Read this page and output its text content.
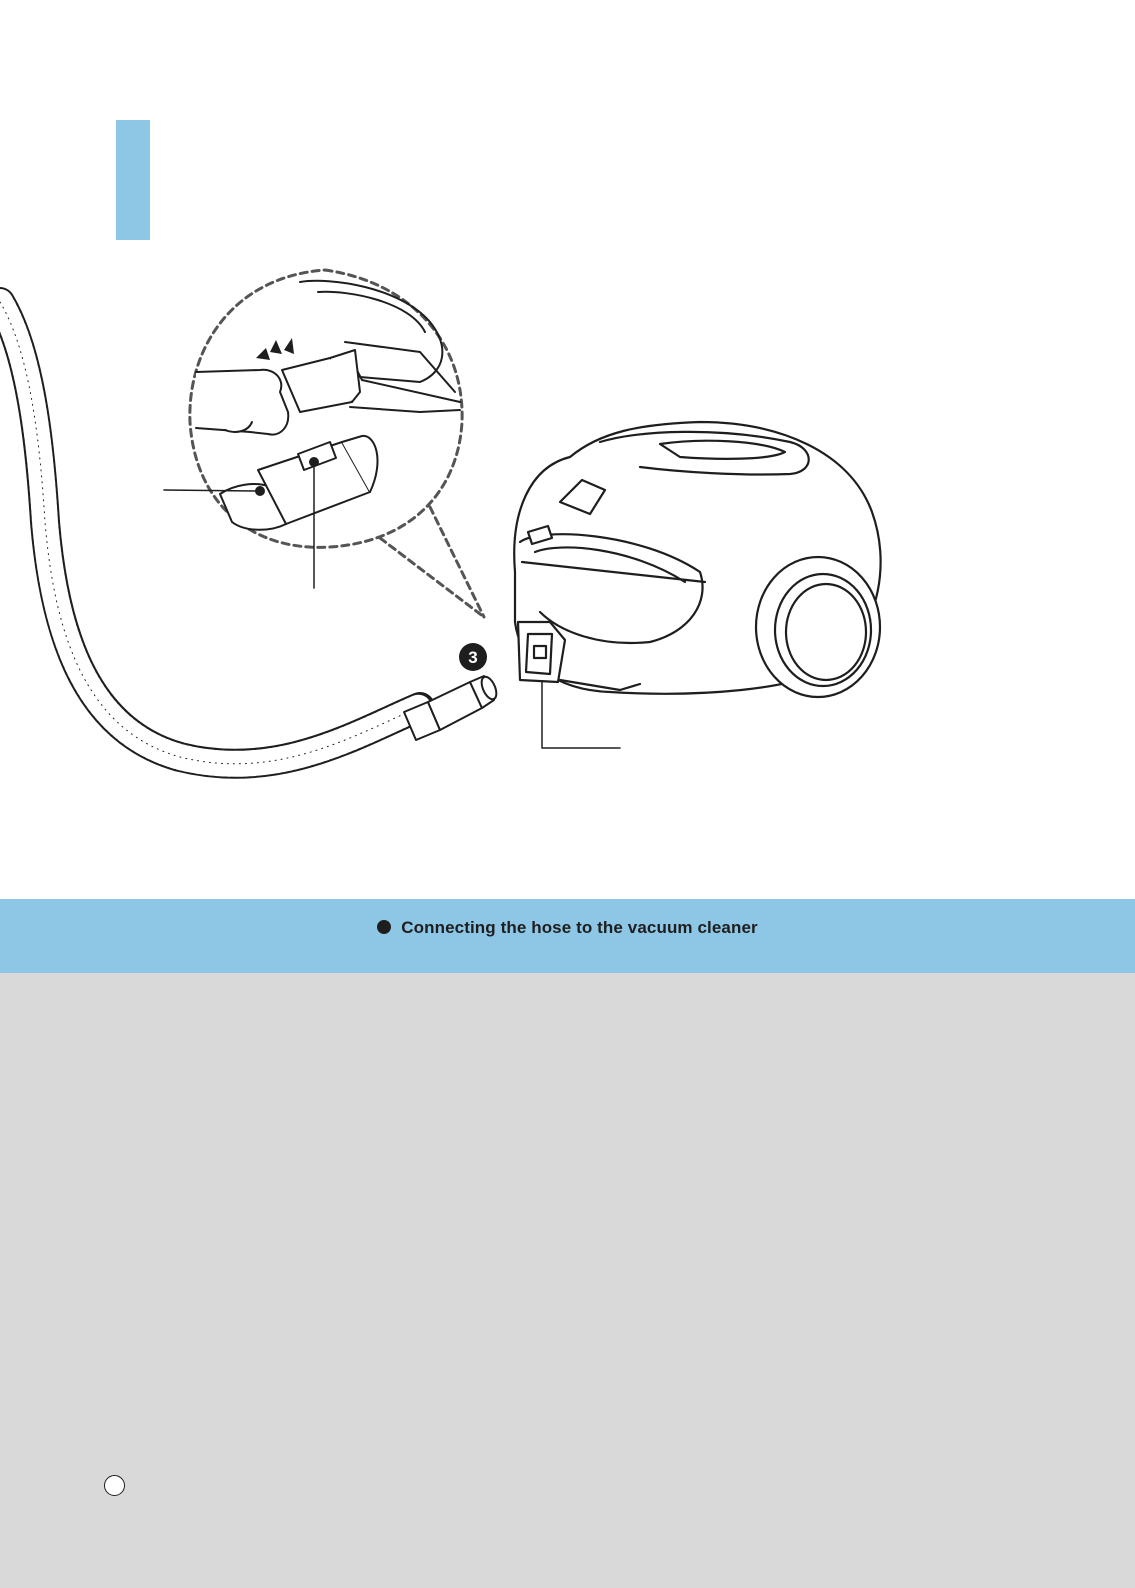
3
Connecting the hose to the vacuum cleaner
